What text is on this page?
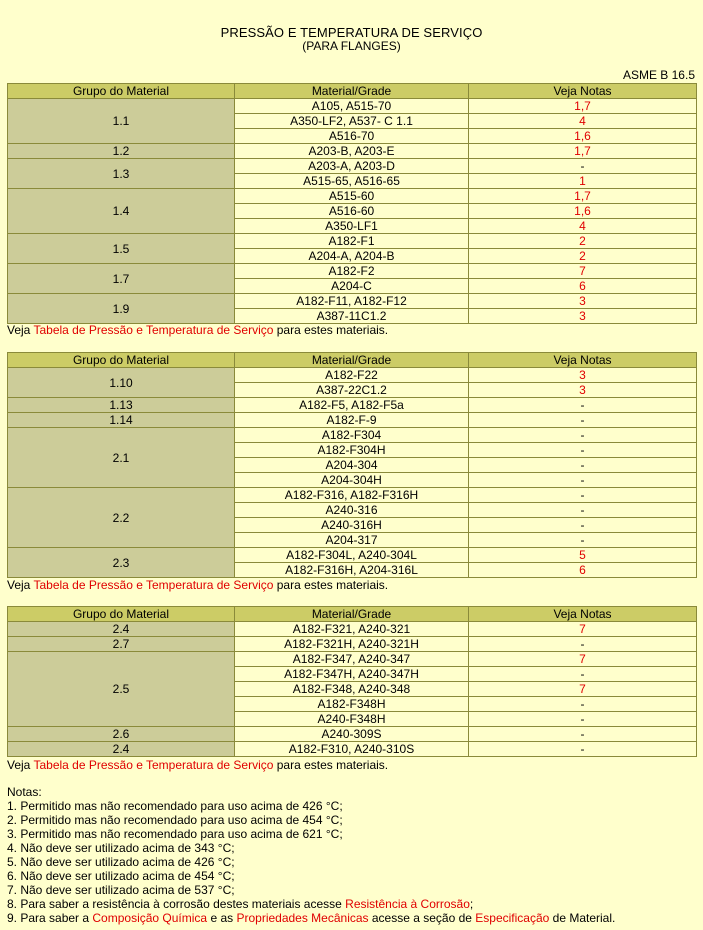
PRESSÃO E TEMPERATURA DE SERVIÇO
(PARA FLANGES)
ASME B 16.5
Grupo do Material	Material/Grade	Veja Notas
1.1	A105, A515-70	1,7
	A350-LF2, A537- C 1.1	4
	A516-70	1,6
1.2	A203-B, A203-E	1,7
1.3	A203-A, A203-D	-
	A515-65, A516-65	1
1.4	A515-60	1,7
	A516-60	1,6
	A350-LF1	4
1.5	A182-F1	2
	A204-A, A204-B	2
1.7	A182-F2	7
	A204-C	6
1.9	A182-F11, A182-F12	3
	A387-11C1.2	3
Veja Tabela de Pressão e Temperatura de Serviço para estes materiais.
Grupo do Material	Material/Grade	Veja Notas
1.10	A182-F22	3
	A387-22C1.2	3
1.13	A182-F5, A182-F5a	-
1.14	A182-F-9	-
2.1	A182-F304	-
	A182-F304H	-
	A204-304	-
	A204-304H	-
2.2	A182-F316, A182-F316H	-
	A240-316	-
	A240-316H	-
	A204-317	-
2.3	A182-F304L, A240-304L	5
	A182-F316H, A204-316L	6
Veja Tabela de Pressão e Temperatura de Serviço para estes materiais.
Grupo do Material	Material/Grade	Veja Notas
2.4	A182-F321, A240-321	7
2.7	A182-F321H, A240-321H	-
2.5	A182-F347, A240-347	7
	A182-F347H, A240-347H	-
	A182-F348, A240-348	7
	A182-F348H	-
	A240-F348H	-
2.6	A240-309S	-
2.4	A182-F310, A240-310S	-
Veja Tabela de Pressão e Temperatura de Serviço para estes materiais.
Notas:
1. Permitido mas não recomendado para uso acima de 426 °C;
2. Permitido mas não recomendado para uso acima de 454 °C;
3. Permitido mas não recomendado para uso acima de 621 °C;
4. Não deve ser utilizado acima de 343 °C;
5. Não deve ser utilizado acima de 426 °C;
6. Não deve ser utilizado acima de 454 °C;
7. Não deve ser utilizado acima de 537 °C;
8. Para saber a resistência à corrosão destes materiais acesse Resistência à Corrosão;
9. Para saber a Composição Química e as Propriedades Mecânicas acesse a seção de Especificação de Material.
